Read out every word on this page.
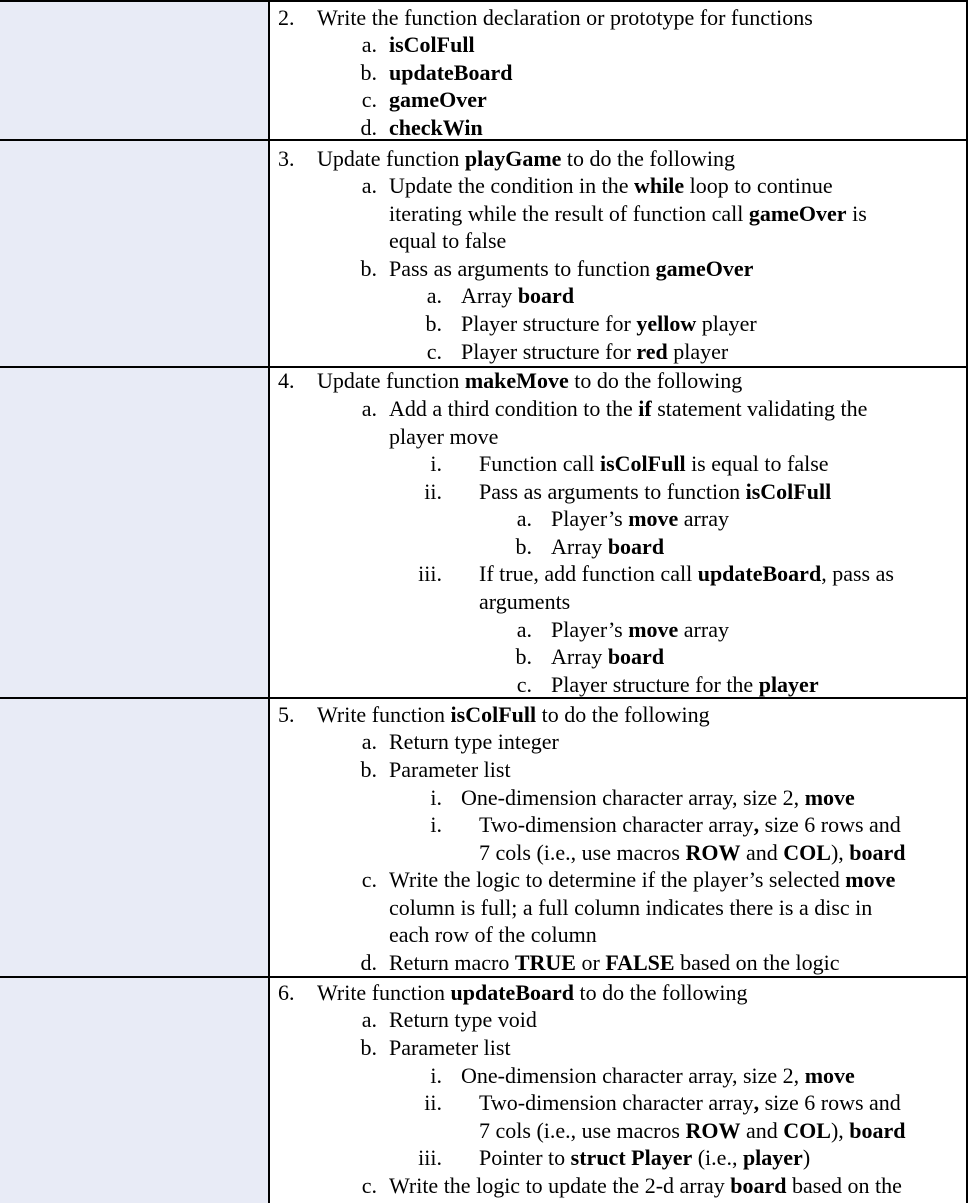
2. Write the function declaration or prototype for functions
a. isColFull
b. updateBoard
c. gameOver
d. checkWin
3. Update function playGame to do the following
a. Update the condition in the while loop to continue
iterating while the result of function call gameOver is
equal to false
b. Pass as arguments to function gameOver
a. Array board
b. Player structure for yellow player
c. Player structure for red player
4. Update function makeMove to do the following
a. Add a third condition to the if statement validating the
player move
i. Function call isColFull is equal to false
ii. Pass as arguments to function isColFull
a. Player’s move array
b. Array board
iii. If true, add function call updateBoard, pass as
arguments
a. Player’s move array
b. Array board
c. Player structure for the player
5. Write function isColFull to do the following
a. Return type integer
b. Parameter list
i. One-dimension character array, size 2, move
i. Two-dimension character array, size 6 rows and
7 cols (i.e., use macros ROW and COL), board
c. Write the logic to determine if the player’s selected move
column is full; a full column indicates there is a disc in
each row of the column
d. Return macro TRUE or FALSE based on the logic
6. Write function updateBoard to do the following
a. Return type void
b. Parameter list
i. One-dimension character array, size 2, move
ii. Two-dimension character array, size 6 rows and
7 cols (i.e., use macros ROW and COL), board
iii. Pointer to struct Player (i.e., player)
c. Write the logic to update the 2-d array board based on the
